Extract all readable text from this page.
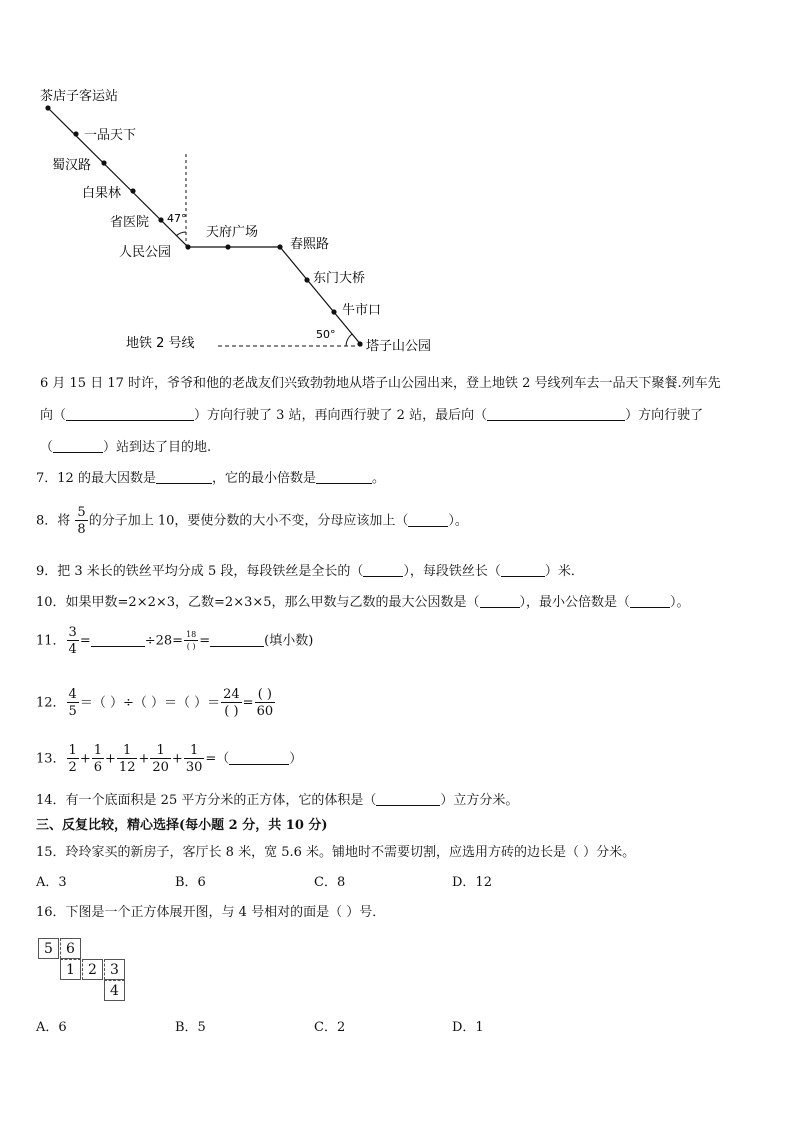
茶店子客运站
一品天下
蜀汉路
白果林
省医院 47°
人民公园
天府广场
春熙路
东门大桥
牛市口
50°
塔子山公园
地铁 2 号线
6 月 15 日 17 时许，爷爷和他的老战友们兴致勃勃地从塔子山公园出来，登上地铁 2 号线列车去一品天下聚餐.列车先
向（	）方向行驶了 3 站，再向西行驶了 2 站，最后向（	）方向行驶了
（	）站到达了目的地.
7．12 的最大因数是	，它的最小倍数是	。
8．将 $\frac{5}{8}$ 的分子加上 10，要使分数的大小不变，分母应该加上（	）。
9．把 3 米长的铁丝平均分成 5 段，每段铁丝是全长的（	），每段铁丝长（	）米．
10．如果甲数=2×2×3，乙数=2×3×5，那么甲数与乙数的最大公因数是（	），最小公倍数是（	）。
11． $\frac{3}{4}$ =	$\div 28= \frac{18}{( )}$ =	(填小数)
12． $\frac{4}{5}$ ＝（ ）÷（ ）＝（ ）＝ $\frac{24}{( )} = \frac{( )}{60}$
13． $\frac{1}{2} + \frac{1}{6} + \frac{1}{12} + \frac{1}{20} + \frac{1}{30}$ =（	）
14．有一个底面积是 25 平方分米的正方体，它的体积是（	）立方分米。
三、反复比较，精心选择(每小题 2 分，共 10 分)
15．玲玲家买的新房子，客厅长 8 米，宽 5.6 米。铺地时不需要切割，应选用方砖的边长是（ ）分米。
A．3	B．6	C．8	D．12
16．下图是一个正方体展开图，与 4 号相对的面是（ ）号．
5 6
1 2 3
4
A．6	B．5	C．2	D．1
